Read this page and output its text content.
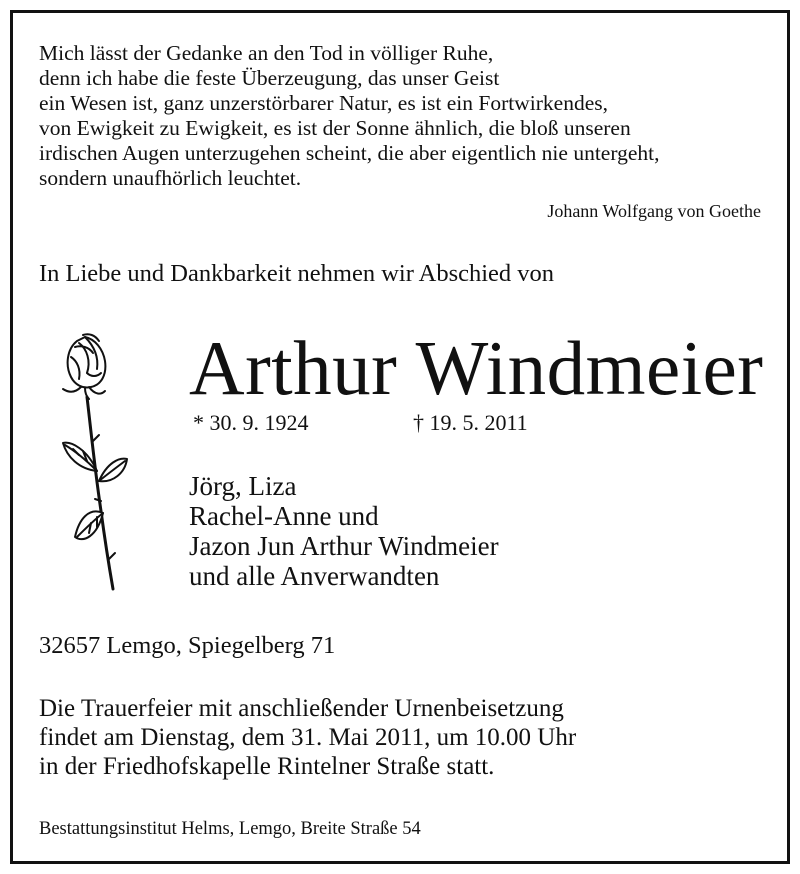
Mich lässt der Gedanke an den Tod in völliger Ruhe,
denn ich habe die feste Überzeugung, das unser Geist
ein Wesen ist, ganz unzerstörbarer Natur, es ist ein Fortwirkendes,
von Ewigkeit zu Ewigkeit, es ist der Sonne ähnlich, die bloß unseren
irdischen Augen unterzugehen scheint, die aber eigentlich nie untergeht,
sondern unaufhörlich leuchtet.
Johann Wolfgang von Goethe
In Liebe und Dankbarkeit nehmen wir Abschied von
Arthur Windmeier
* 30. 9. 1924	† 19. 5. 2011
Jörg, Liza
Rachel-Anne und
Jazon Jun Arthur Windmeier
und alle Anverwandten
32657 Lemgo, Spiegelberg 71
Die Trauerfeier mit anschließender Urnenbeisetzung
findet am Dienstag, dem 31. Mai 2011, um 10.00 Uhr
in der Friedhofskapelle Rintelner Straße statt.
Bestattungsinstitut Helms, Lemgo, Breite Straße 54
